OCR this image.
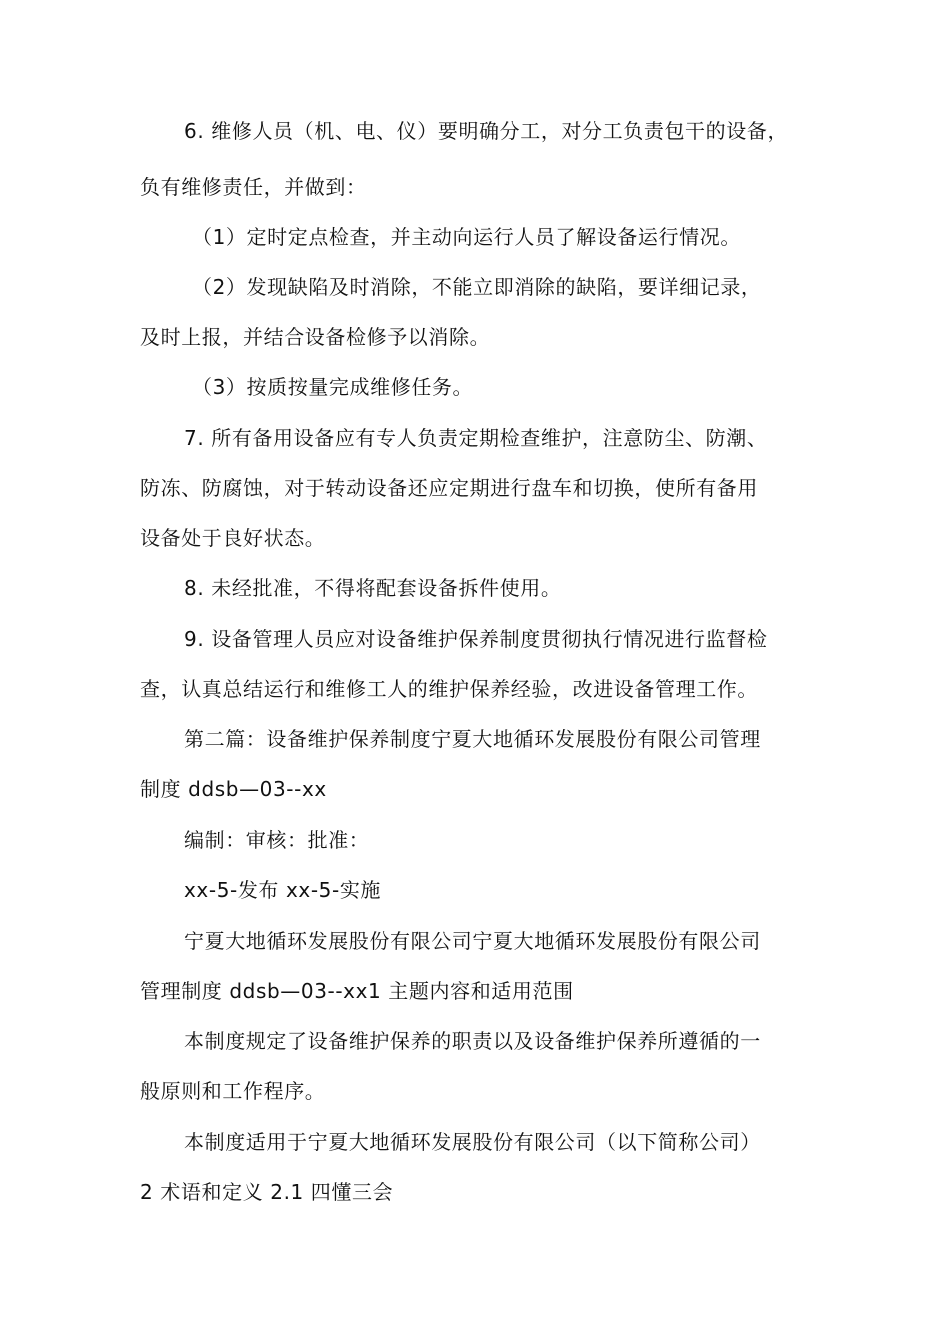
6. 维修人员（机、电、仪）要明确分工，对分工负责包干的设备，
负有维修责任，并做到：
（1）定时定点检查，并主动向运行人员了解设备运行情况。
（2）发现缺陷及时消除，不能立即消除的缺陷，要详细记录，
及时上报，并结合设备检修予以消除。
（3）按质按量完成维修任务。
7. 所有备用设备应有专人负责定期检查维护，注意防尘、防潮、
防冻、防腐蚀，对于转动设备还应定期进行盘车和切换，使所有备用
设备处于良好状态。
8. 未经批准，不得将配套设备拆件使用。
9. 设备管理人员应对设备维护保养制度贯彻执行情况进行监督检
查，认真总结运行和维修工人的维护保养经验，改进设备管理工作。
第二篇：设备维护保养制度宁夏大地循环发展股份有限公司管理
制度 ddsb—03--xx
编制：审核：批准：
xx-5-发布 xx-5-实施
宁夏大地循环发展股份有限公司宁夏大地循环发展股份有限公司
管理制度 ddsb—03--xx1 主题内容和适用范围
本制度规定了设备维护保养的职责以及设备维护保养所遵循的一
般原则和工作程序。
本制度适用于宁夏大地循环发展股份有限公司（以下简称公司）
2 术语和定义 2.1 四懂三会
